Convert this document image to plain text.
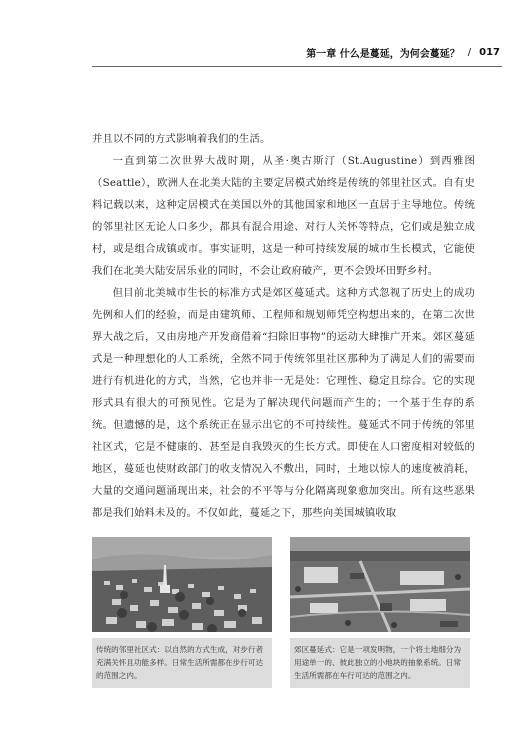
第一章 什么是蔓延，为何会蔓延？ / 017

并且以不同的方式影响着我们的生活。

一直到第二次世界大战时期，从圣·奥古斯汀（St.Augustine）到西雅图（Seattle），欧洲人在北美大陆的主要定居模式始终是传统的邻里社区式。自有史料记载以来，这种定居模式在美国以外的其他国家和地区一直居于主导地位。传统的邻里社区无论人口多少，都具有混合用途、对行人关怀等特点，它们或是独立成村，或是组合成镇或市。事实证明，这是一种可持续发展的城市生长模式，它能使我们在北美大陆安居乐业的同时，不会让政府破产，更不会毁坏田野乡村。

但目前北美城市生长的标准方式是郊区蔓延式。这种方式忽视了历史上的成功先例和人们的经验，而是由建筑师、工程师和规划师凭空构想出来的，在第二次世界大战之后，又由房地产开发商借着“扫除旧事物”的运动大肆推广开来。郊区蔓延式是一种理想化的人工系统，全然不同于传统邻里社区那种为了满足人们的需要而进行有机进化的方式，当然，它也并非一无是处：它理性、稳定且综合。它的实现形式具有很大的可预见性。它是为了解决现代问题而产生的；一个基于生存的系统。但遗憾的是，这个系统正在显示出它的不可持续性。蔓延式不同于传统的邻里社区式，它是不健康的、甚至是自我毁灭的生长方式。即使在人口密度相对较低的地区，蔓延也使财政部门的收支情况入不敷出，同时，土地以惊人的速度被消耗，大量的交通问题涌现出来，社会的不平等与分化隔离现象愈加突出。所有这些恶果都是我们始料未及的。不仅如此，蔓延之下，那些向美国城镇收取

传统的邻里社区式：以自然的方式生成，对步行者充满关怀且功能多样。日常生活所需都在步行可达的范围之内。
郊区蔓延式：它是一项发明物，一个将土地细分为用途单一的、彼此独立的小地块的抽象系统。日常生活所需都在车行可达的范围之内。
